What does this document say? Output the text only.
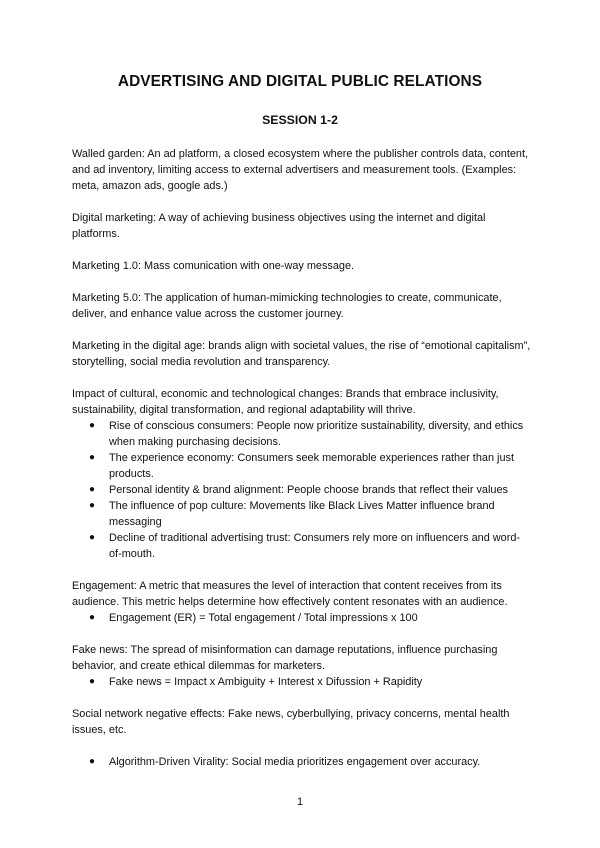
ADVERTISING AND DIGITAL PUBLIC RELATIONS
SESSION 1-2

Walled garden: An ad platform, a closed ecosystem where the publisher controls data, content, and ad inventory, limiting access to external advertisers and measurement tools. (Examples: meta, amazon ads, google ads.)

Digital marketing: A way of achieving business objectives using the internet and digital platforms.

Marketing 1.0: Mass comunication with one-way message.

Marketing 5.0: The application of human-mimicking technologies to create, communicate, deliver, and enhance value across the customer journey.

Marketing in the digital age: brands align with societal values, the rise of “emotional capitalism”, storytelling, social media revolution and transparency.

Impact of cultural, economic and technological changes: Brands that embrace inclusivity, sustainability, digital transformation, and regional adaptability will thrive.

● Rise of conscious consumers: People now prioritize sustainability, diversity, and ethics when making purchasing decisions.
● The experience economy: Consumers seek memorable experiences rather than just products.
● Personal identity & brand alignment: People choose brands that reflect their values
● The influence of pop culture: Movements like Black Lives Matter influence brand messaging
● Decline of traditional advertising trust: Consumers rely more on influencers and word-of-mouth.

Engagement: A metric that measures the level of interaction that content receives from its audience. This metric helps determine how effectively content resonates with an audience.

● Engagement (ER) = Total engagement / Total impressions x 100

Fake news: The spread of misinformation can damage reputations, influence purchasing behavior, and create ethical dilemmas for marketers.

● Fake news = Impact x Ambiguity + Interest x Difussion + Rapidity

Social network negative effects: Fake news, cyberbullying, privacy concerns, mental health issues, etc.

● Algorithm-Driven Virality: Social media prioritizes engagement over accuracy.
1
